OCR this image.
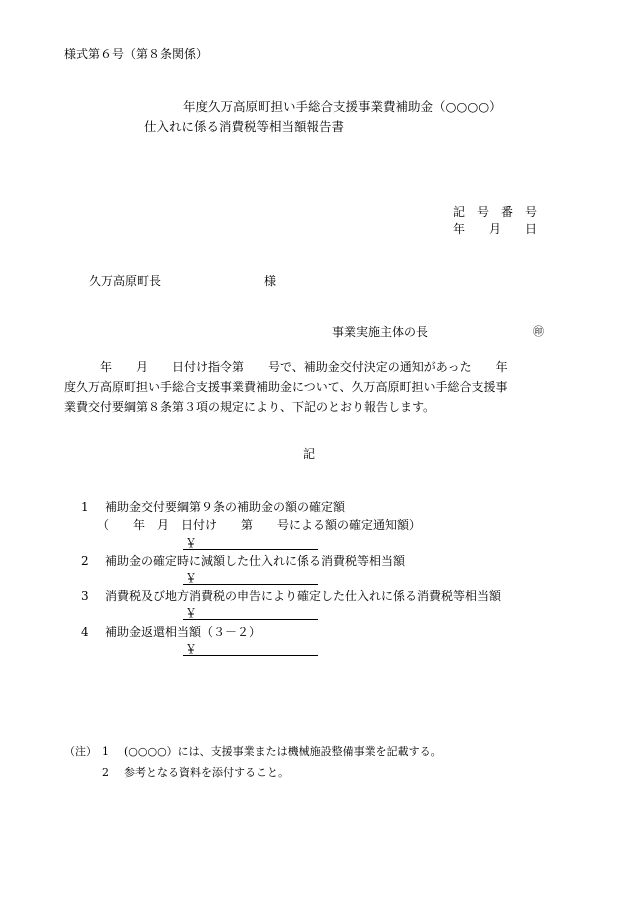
様式第６号（第８条関係）
年度久万高原町担い手総合支援事業費補助金（○○○○）
仕入れに係る消費税等相当額報告書
記　号　番　号
年　　月　　日
久万高原町長	様
事業実施主体の長	㊞
　　　年　　月　　日付け指令第　　号で、補助金交付決定の通知があった　　年
度久万高原町担い手総合支援事業費補助金について、久万高原町担い手総合支援事
業費交付要綱第８条第３項の規定により、下記のとおり報告します。
記
1 補助金交付要綱第９条の補助金の額の確定額
（　　年　月　日付け　　第　　号による額の確定通知額）
￥
2 補助金の確定時に減額した仕入れに係る消費税等相当額
￥
3 消費税及び地方消費税の申告により確定した仕入れに係る消費税等相当額
￥
4 補助金返還相当額（３－２）
￥
（注） 1 (○○○○）には、支援事業または機械施設整備事業を記載する。
2 参考となる資料を添付すること。
